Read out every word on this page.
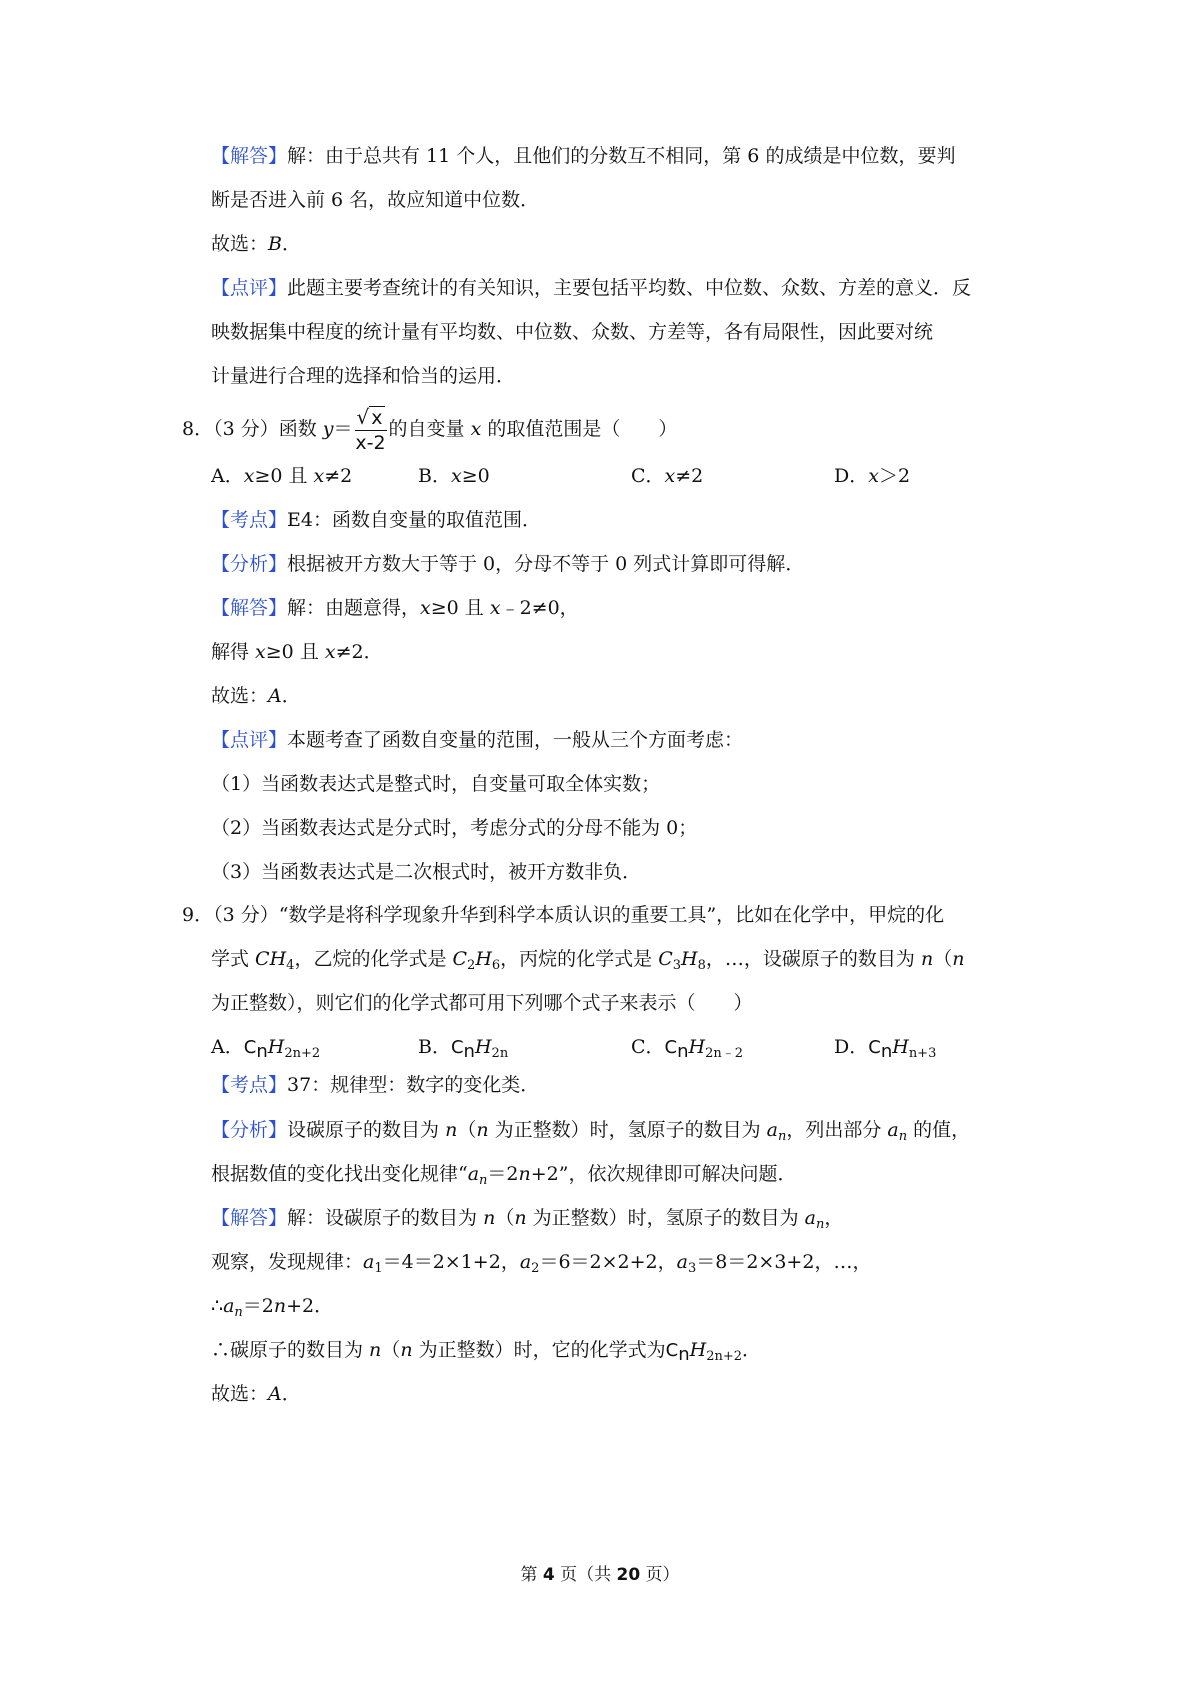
【解答】解：由于总共有 11 个人，且他们的分数互不相同，第 6 的成绩是中位数，要判
断是否进入前 6 名，故应知道中位数．
故选：B．
【点评】此题主要考查统计的有关知识，主要包括平均数、中位数、众数、方差的意义．反
映数据集中程度的统计量有平均数、中位数、众数、方差等，各有局限性，因此要对统
计量进行合理的选择和恰当的运用．
8．（3 分）函数 $y= \frac{√ x}{x-2}$ 的自变量 x 的取值范围是（　　）
A．x≥0 且 x≠2	B．x≥0	C．x≠2	D．x＞2
【考点】E4：函数自变量的取值范围．
【分析】根据被开方数大于等于 0，分母不等于 0 列式计算即可得解．
【解答】解：由题意得，x≥0 且 x﹣2≠0，
解得 x≥0 且 x≠2．
故选：A．
【点评】本题考查了函数自变量的范围，一般从三个方面考虑：
（1）当函数表达式是整式时，自变量可取全体实数；
（2）当函数表达式是分式时，考虑分式的分母不能为 0；
（3）当函数表达式是二次根式时，被开方数非负．
9．（3 分）“数学是将科学现象升华到科学本质认识的重要工具”，比如在化学中，甲烷的化
学式 $CH_4$，乙烷的化学式是 $C_2H_6$，丙烷的化学式是 $C_3H_8$，…，设碳原子的数目为 n（n
为正整数），则它们的化学式都可用下列哪个式子来表示（　　）
A．$C_nH_{2n+2}$	B．$C_nH_{2n}$	C．$C_nH_{2n﹣2}$	D．$C_nH_{n+3}$
【考点】37：规律型：数字的变化类．
【分析】设碳原子的数目为 n（n 为正整数）时，氢原子的数目为 $a_n$，列出部分 $a_n$ 的值，
根据数值的变化找出变化规律“$a_n=2n+2$”，依次规律即可解决问题．
【解答】解：设碳原子的数目为 n（n 为正整数）时，氢原子的数目为 $a_n$，
观察，发现规律：$a_1=4=2\times 1+2$，$a_2=6=2\times 2+2$，$a_3=8=2\times 3+2$，…，
$\therefore a_n=2n+2$．
∴碳原子的数目为 n（n 为正整数）时，它的化学式为$C_nH_{2n+2}$．
故选：A．
第 4 页（共 20 页）
